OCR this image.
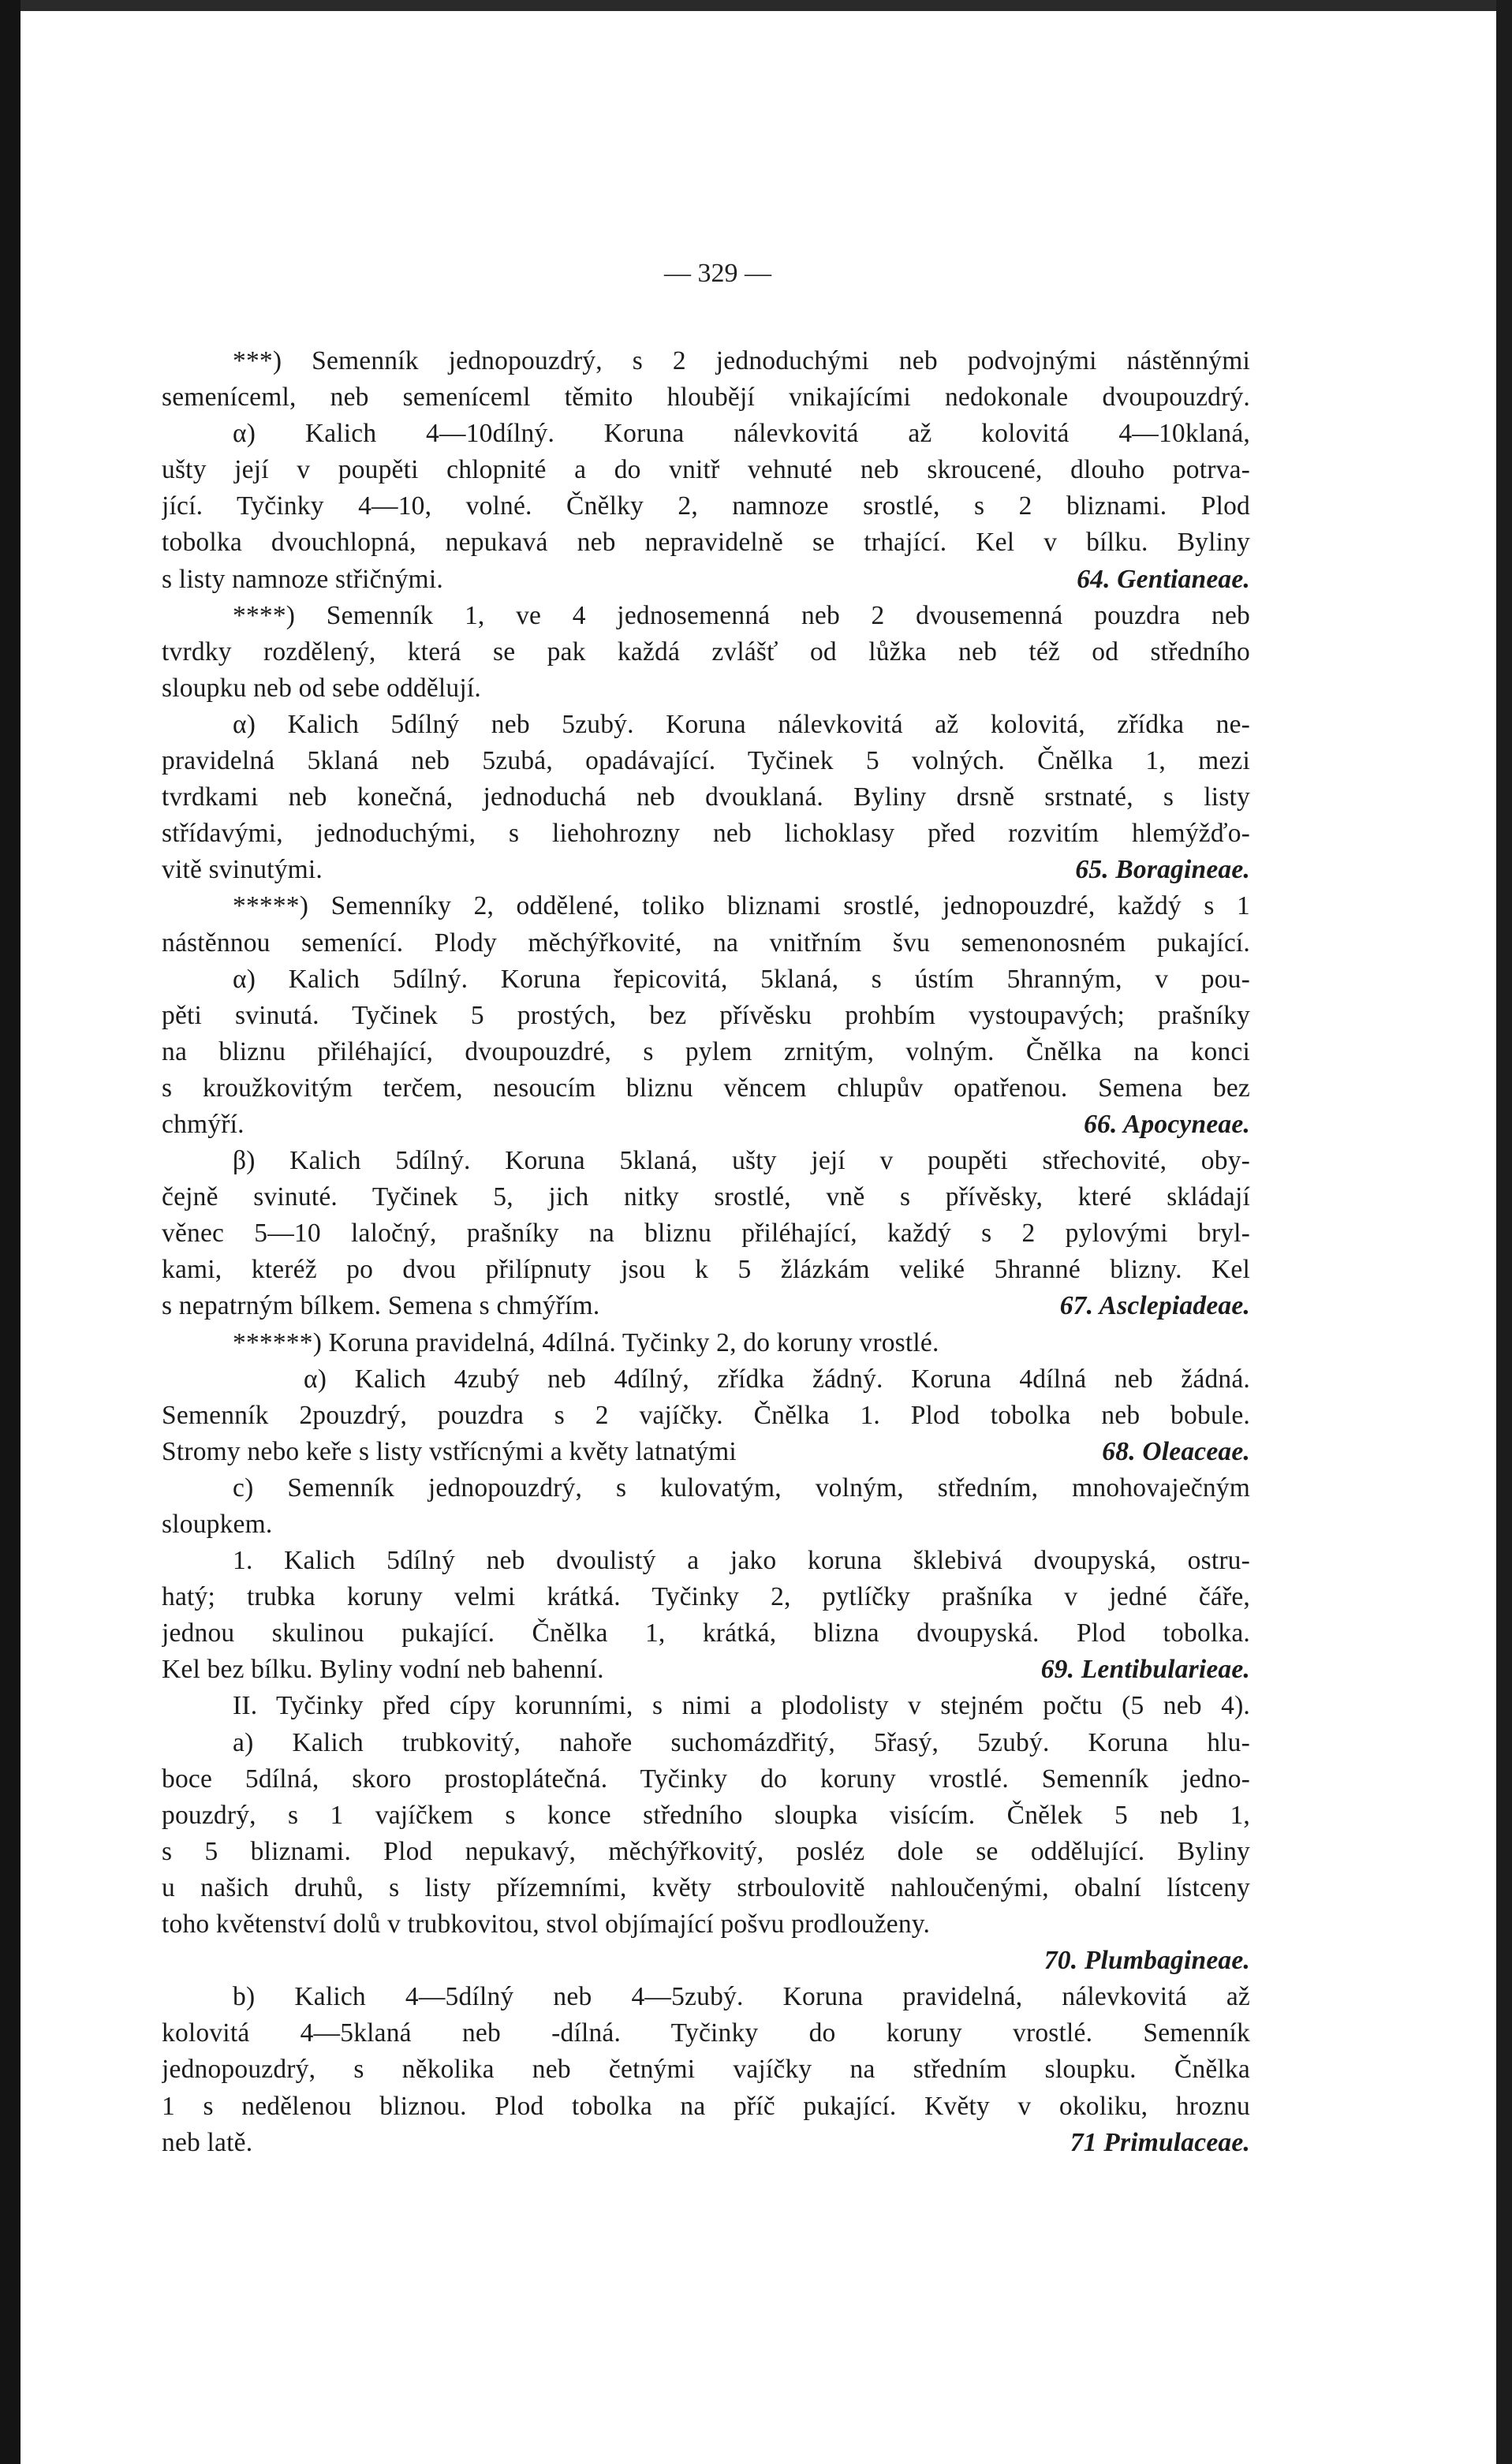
— 329 —
***) Semenník jednopouzdrý, s 2 jednoduchými neb podvojnými nástěnnými
semeníceml, neb semeníceml těmito hloubějí vnikajícími nedokonale dvoupouzdrý.
α) Kalich 4—10dílný. Koruna nálevkovitá až kolovitá 4—10klaná,
ušty její v poupěti chlopnité a do vnitř vehnuté neb skroucené, dlouho potrva-
jící. Tyčinky 4—10, volné. Čnělky 2, namnoze srostlé, s 2 bliznami. Plod
tobolka dvouchlopná, nepukavá neb nepravidelně se trhající. Kel v bílku. Byliny
64. Gentianeae.
s listy namnoze střičnými.
****) Semenník 1, ve 4 jednosemenná neb 2 dvousemenná pouzdra neb
tvrdky rozdělený, která se pak každá zvlášť od lůžka neb též od středního
sloupku neb od sebe oddělují.
α) Kalich 5dílný neb 5zubý. Koruna nálevkovitá až kolovitá, zřídka ne-
pravidelná 5klaná neb 5zubá, opadávající. Tyčinek 5 volných. Čnělka 1, mezi
tvrdkami neb konečná, jednoduchá neb dvouklaná. Byliny drsně srstnaté, s listy
střídavými, jednoduchými, s liehohrozny neb lichoklasy před rozvitím hlemýžďo-
65. Boragineae.
vitě svinutými.
*****) Semenníky 2, oddělené, toliko bliznami srostlé, jednopouzdré, každý s 1
nástěnnou semenící. Plody měchýřkovité, na vnitřním švu semenonosném pukající.
α) Kalich 5dílný. Koruna řepicovitá, 5klaná, s ústím 5hranným, v pou-
pěti svinutá. Tyčinek 5 prostých, bez přívěsku prohbím vystoupavých; prašníky
na bliznu přiléhající, dvoupouzdré, s pylem zrnitým, volným. Čnělka na konci
s kroužkovitým terčem, nesoucím bliznu věncem chlupův opatřenou. Semena bez
66. Apocyneae.
chmýří.
β) Kalich 5dílný. Koruna 5klaná, ušty její v poupěti střechovité, oby-
čejně svinuté. Tyčinek 5, jich nitky srostlé, vně s přívěsky, které skládají
věnec 5—10 laločný, prašníky na bliznu přiléhající, každý s 2 pylovými bryl-
kami, kteréž po dvou přilípnuty jsou k 5 žlázkám veliké 5hranné blizny. Kel
67. Asclepiadeae.
s nepatrným bílkem. Semena s chmýřím.
******) Koruna pravidelná, 4dílná. Tyčinky 2, do koruny vrostlé.
α) Kalich 4zubý neb 4dílný, zřídka žádný. Koruna 4dílná neb žádná.
Semenník 2pouzdrý, pouzdra s 2 vajíčky. Čnělka 1. Plod tobolka neb bobule.
68. Oleaceae.
Stromy nebo keře s listy vstřícnými a květy latnatými
c) Semenník jednopouzdrý, s kulovatým, volným, středním, mnohovaječným
sloupkem.
1. Kalich 5dílný neb dvoulistý a jako koruna šklebivá dvoupyská, ostru-
hatý; trubka koruny velmi krátká. Tyčinky 2, pytlíčky prašníka v jedné čáře,
jednou skulinou pukající. Čnělka 1, krátká, blizna dvoupyská. Plod tobolka.
69. Lentibularieae.
Kel bez bílku. Byliny vodní neb bahenní.
II. Tyčinky před cípy korunními, s nimi a plodolisty v stejném počtu (5 neb 4).
a) Kalich trubkovitý, nahoře suchomázdřitý, 5řasý, 5zubý. Koruna hlu-
boce 5dílná, skoro prostoplátečná. Tyčinky do koruny vrostlé. Semenník jedno-
pouzdrý, s 1 vajíčkem s konce středního sloupka visícím. Čnělek 5 neb 1,
s 5 bliznami. Plod nepukavý, měchýřkovitý, posléz dole se oddělující. Byliny
u našich druhů, s listy přízemními, květy strboulovitě nahloučenými, obalní lístceny
toho květenství dolů v trubkovitou, stvol objímající pošvu prodlouženy.
70. Plumbagineae.
b) Kalich 4—5dílný neb 4—5zubý. Koruna pravidelná, nálevkovitá až
kolovitá 4—5klaná neb -dílná. Tyčinky do koruny vrostlé. Semenník
jednopouzdrý, s několika neb četnými vajíčky na středním sloupku. Čnělka
1 s nedělenou bliznou. Plod tobolka na příč pukající. Květy v okoliku, hroznu
71 Primulaceae.
neb latě.
